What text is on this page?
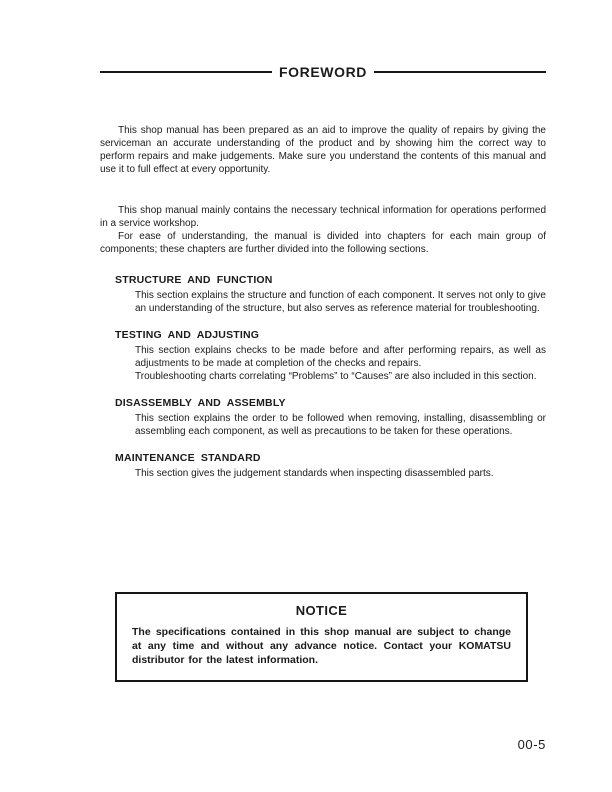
FOREWORD

This shop manual has been prepared as an aid to improve the quality of repairs by giving the serviceman an accurate understanding of the product and by showing him the correct way to perform repairs and make judgements. Make sure you understand the contents of this manual and use it to full effect at every opportunity.

This shop manual mainly contains the necessary technical information for operations performed in a service workshop.

For ease of understanding, the manual is divided into chapters for each main group of components; these chapters are further divided into the following sections.

STRUCTURE AND FUNCTION

This section explains the structure and function of each component. It serves not only to give an understanding of the structure, but also serves as reference material for troubleshooting.

TESTING AND ADJUSTING

This section explains checks to be made before and after performing repairs, as well as adjustments to be made at completion of the checks and repairs.

Troubleshooting charts correlating “Problems” to “Causes” are also included in this section.

DISASSEMBLY AND ASSEMBLY

This section explains the order to be followed when removing, installing, disassembling or assembling each component, as well as precautions to be taken for these operations.

MAINTENANCE STANDARD

This section gives the judgement standards when inspecting disassembled parts.

NOTICE

The specifications contained in this shop manual are subject to change at any time and without any advance notice. Contact your KOMATSU distributor for the latest information.

00-5
